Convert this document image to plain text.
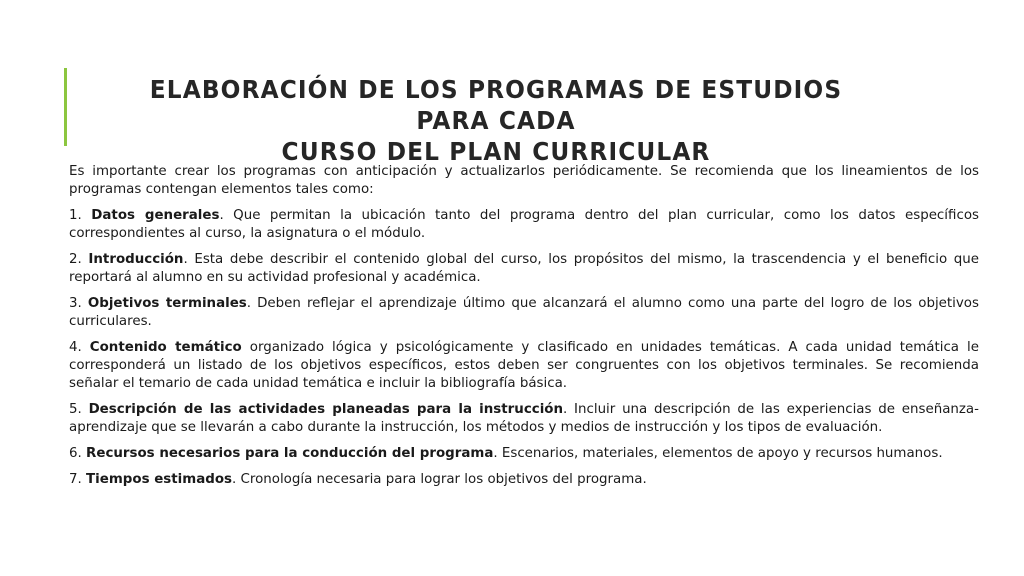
ELABORACIÓN DE LOS PROGRAMAS DE ESTUDIOS PARA CADA
CURSO DEL PLAN CURRICULAR

Es importante crear los programas con anticipación y actualizarlos periódicamente. Se recomienda que los lineamientos de los programas contengan elementos tales como:

1. Datos generales. Que permitan la ubicación tanto del programa dentro del plan curricular, como los datos específicos correspondientes al curso, la asignatura o el módulo.

2. Introducción. Esta debe describir el contenido global del curso, los propósitos del mismo, la trascendencia y el beneficio que reportará al alumno en su actividad profesional y académica.

3. Objetivos terminales. Deben reflejar el aprendizaje último que alcanzará el alumno como una parte del logro de los objetivos curriculares.

4. Contenido temático organizado lógica y psicológicamente y clasificado en unidades temáticas. A cada unidad temática le corresponderá un listado de los objetivos específicos, estos deben ser congruentes con los objetivos terminales. Se recomienda señalar el temario de cada unidad temática e incluir la bibliografía básica.

5. Descripción de las actividades planeadas para la instrucción. Incluir una descripción de las experiencias de enseñanza-aprendizaje que se llevarán a cabo durante la instrucción, los métodos y medios de instrucción y los tipos de evaluación.

6. Recursos necesarios para la conducción del programa. Escenarios, materiales, elementos de apoyo y recursos humanos.

7. Tiempos estimados. Cronología necesaria para lograr los objetivos del programa.
